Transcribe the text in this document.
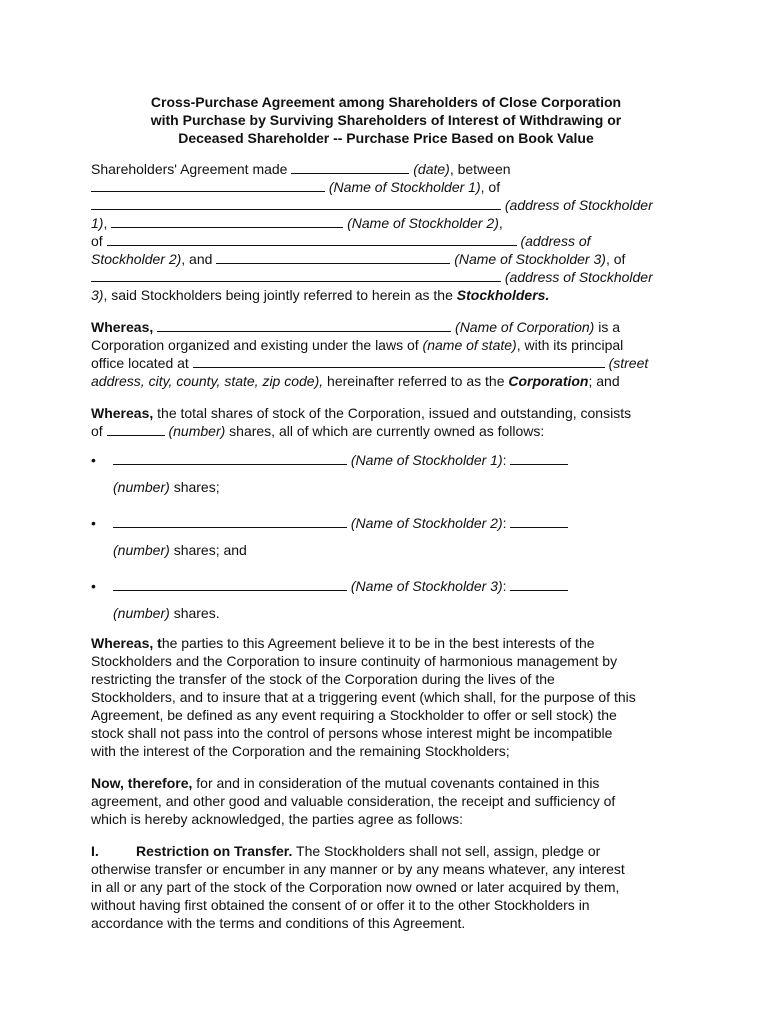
Cross-Purchase Agreement among Shareholders of Close Corporation
with Purchase by Surviving Shareholders of Interest of Withdrawing or
Deceased Shareholder -- Purchase Price Based on Book Value

Shareholders' Agreement made	(date), between

(Name of Stockholder 1), of

(address of Stockholder

1),	(Name of Stockholder 2),

of	(address of

Stockholder 2), and	(Name of Stockholder 3), of

(address of Stockholder

3), said Stockholders being jointly referred to herein as the Stockholders.

Whereas,	(Name of Corporation) is a

Corporation organized and existing under the laws of (name of state), with its principal

office located at	(street

address, city, county, state, zip code), hereinafter referred to as the Corporation; and

Whereas, the total shares of stock of the Corporation, issued and outstanding, consists

of	(number) shares, all of which are currently owned as follows:

•	(Name of Stockholder 1):

(number) shares;

•	(Name of Stockholder 2):

(number) shares; and

•	(Name of Stockholder 3):

(number) shares.

Whereas, the parties to this Agreement believe it to be in the best interests of the

Stockholders and the Corporation to insure continuity of harmonious management by

restricting the transfer of the stock of the Corporation during the lives of the

Stockholders, and to insure that at a triggering event (which shall, for the purpose of this

Agreement, be defined as any event requiring a Stockholder to offer or sell stock) the

stock shall not pass into the control of persons whose interest might be incompatible

with the interest of the Corporation and the remaining Stockholders;

Now, therefore, for and in consideration of the mutual covenants contained in this

agreement, and other good and valuable consideration, the receipt and sufficiency of

which is hereby acknowledged, the parties agree as follows:

I.	Restriction on Transfer. The Stockholders shall not sell, assign, pledge or

otherwise transfer or encumber in any manner or by any means whatever, any interest

in all or any part of the stock of the Corporation now owned or later acquired by them,

without having first obtained the consent of or offer it to the other Stockholders in

accordance with the terms and conditions of this Agreement.
